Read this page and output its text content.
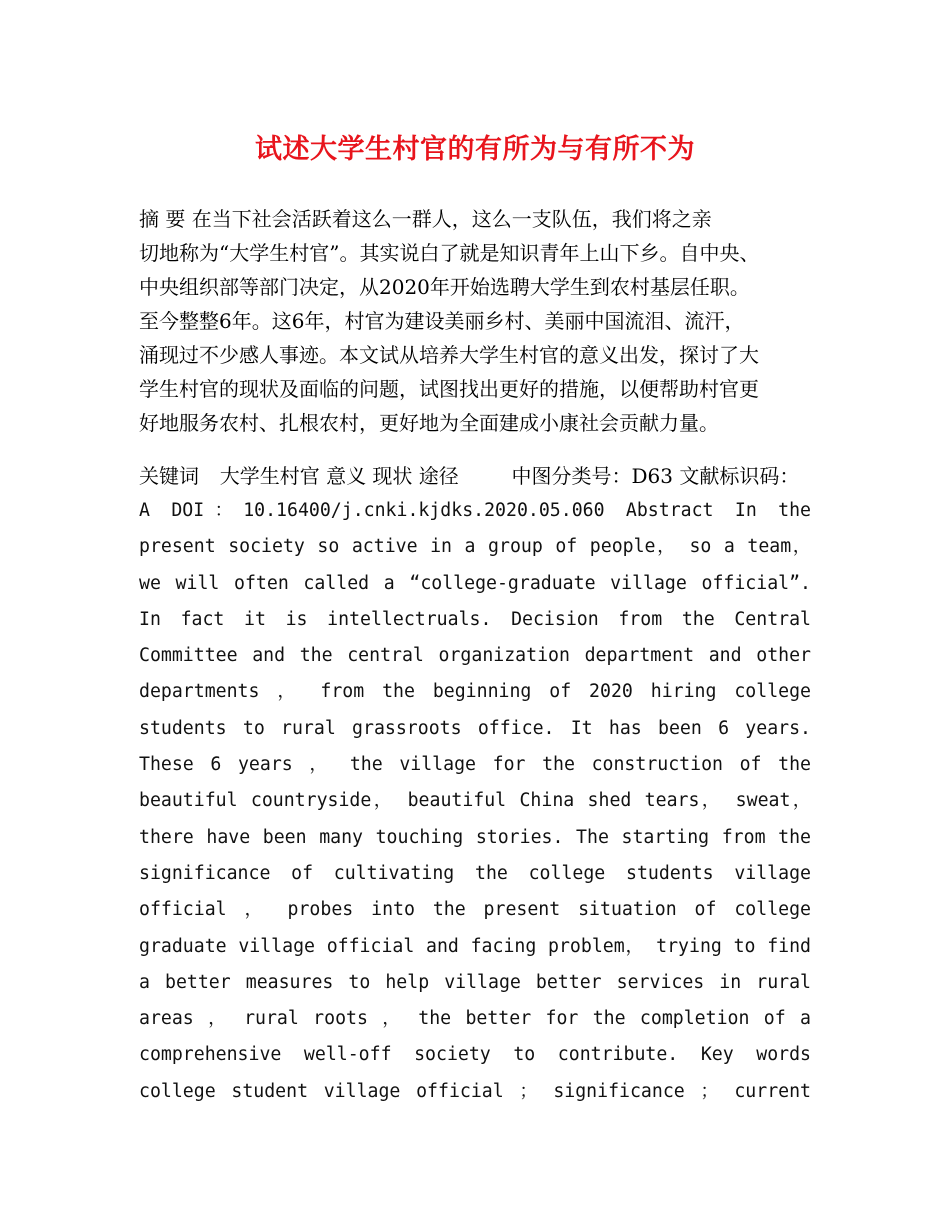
试述大学生村官的有所为与有所不为
摘 要 在当下社会活跃着这么一群人，这么一支队伍，我们将之亲
切地称为“大学生村官”。其实说白了就是知识青年上山下乡。自中央、
中央组织部等部门决定，从2020年开始选聘大学生到农村基层任职。
至今整整6年。这6年，村官为建设美丽乡村、美丽中国流泪、流汗，
涌现过不少感人事迹。本文试从培养大学生村官的意义出发，探讨了大
学生村官的现状及面临的问题，试图找出更好的措施，以便帮助村官更
好地服务农村、扎根农村，更好地为全面建成小康社会贡献力量。
关键词 大学生村官 意义 现状 途径	中图分类号：D63 文献标识码：
A DOI：10.16400/j.cnki.kjdks.2020.05.060 Abstract In the
present society so active in a group of people， so a team，
we will often called a “college-graduate village official”.
In fact it is intellectruals. Decision from the Central
Committee and the central organization department and other
departments ， from the beginning of 2020 hiring college
students to rural grassroots office. It has been 6 years.
These 6 years ， the village for the construction of the
beautiful countryside， beautiful China shed tears， sweat，
there have been many touching stories. The starting from the
significance of cultivating the college students village
official ， probes into the present situation of college
graduate village official and facing problem， trying to find
a better measures to help village better services in rural
areas ， rural roots ， the better for the completion of a
comprehensive well-off society to contribute. Key words
college student village official ； significance ； current
